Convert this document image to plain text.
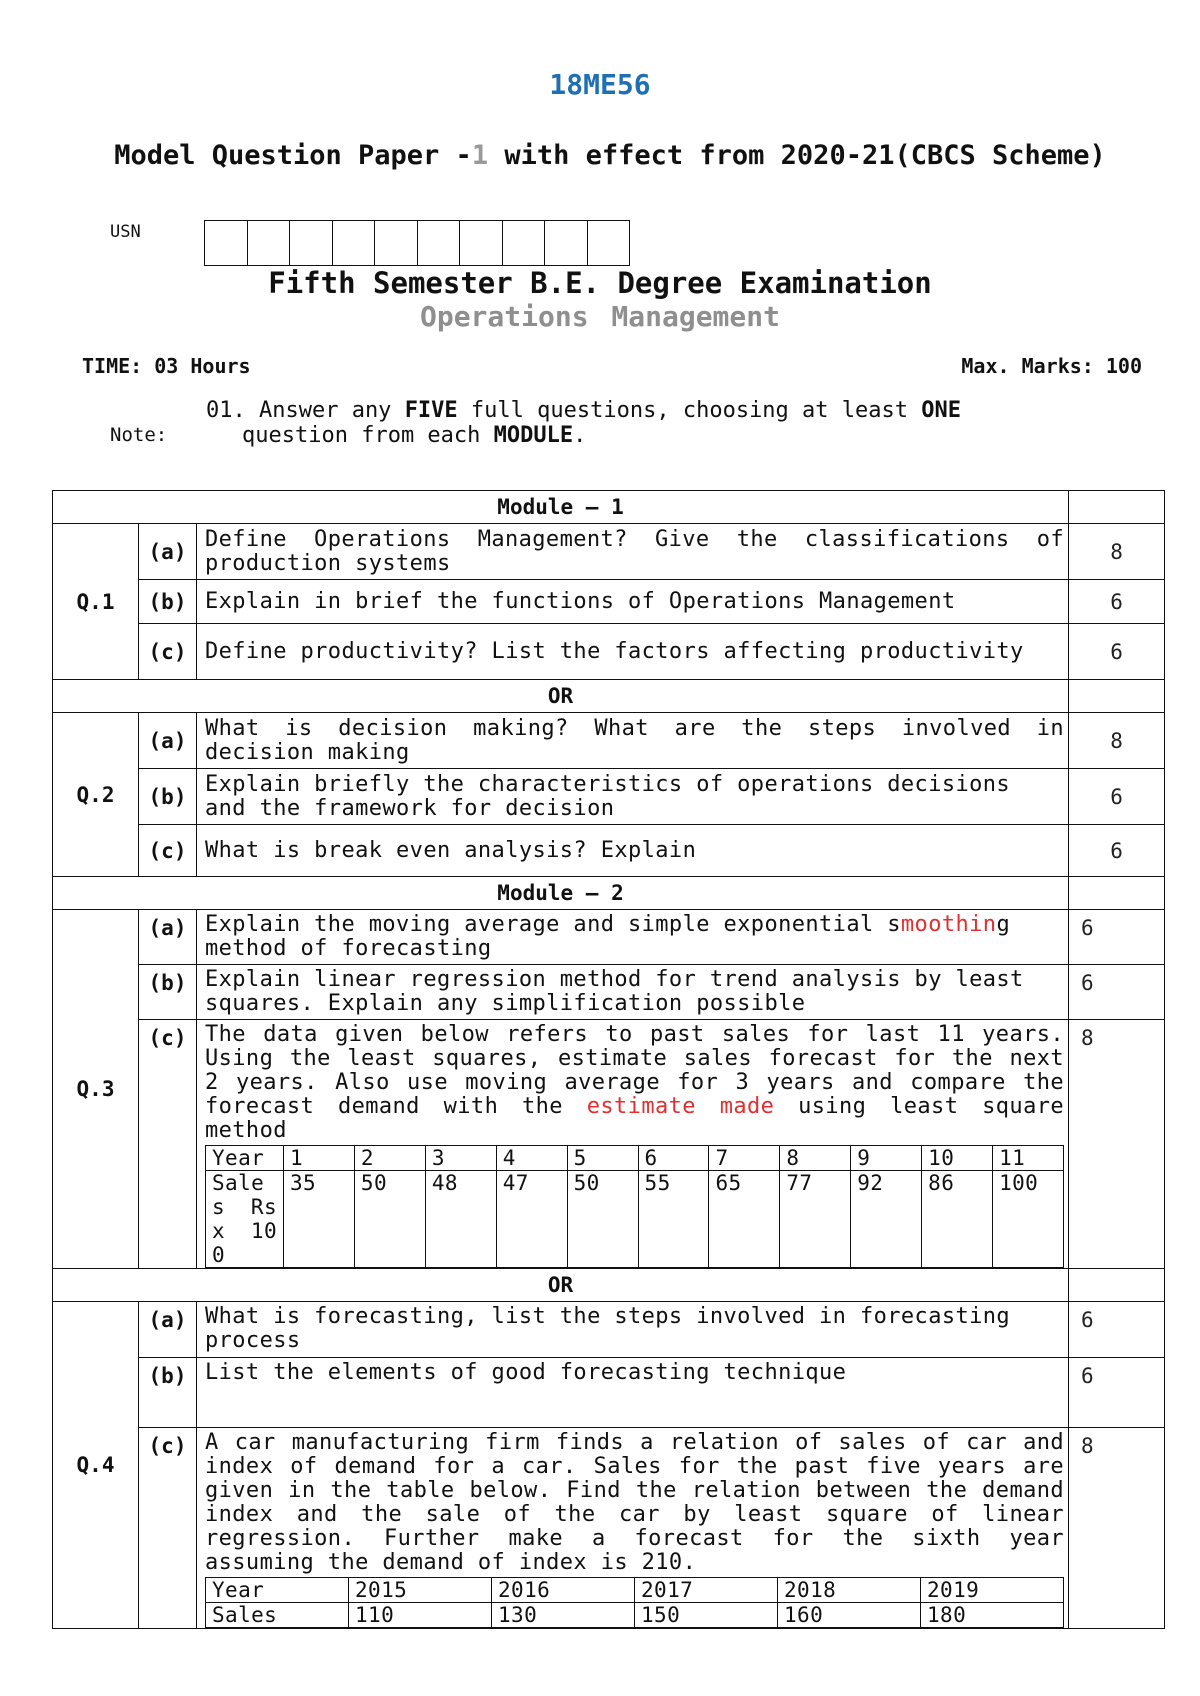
18ME56
Model Question Paper -1 with effect from 2020-21(CBCS Scheme)
USN
Fifth Semester B.E. Degree Examination
Operations Management
TIME: 03 Hours	Max. Marks: 100
Note:
01. Answer any FIVE full questions, choosing at least ONE
question from each MODULE.
Module – 1	
Q.1	(a)	Define Operations Management? Give the classifications of production systems	8
(b)	Explain in brief the functions of Operations Management	6
(c)	Define productivity? List the factors affecting productivity	6
OR	
Q.2	(a)	What is decision making? What are the steps involved in decision making	8
(b)	Explain briefly the characteristics of operations decisions and the framework for decision	6
(c)	What is break even analysis? Explain	6
Module – 2	
Q.3	(a)	Explain the moving average and simple exponential smoothing method of forecasting	6
(b)	Explain linear regression method for trend analysis by least squares. Explain any simplification possible	6
(c)	The data given below refers to past sales for last 11 years. Using the least squares, estimate sales forecast for the next 2 years. Also use moving average for 3 years and compare the forecast demand with the estimate made using least square method
Year	1	2	3	4	5	6	7	8	9	10	11
Sales Rs x 100	35	50	48	47	50	55	65	77	92	86	100
	8
OR	
Q.4	(a)	What is forecasting, list the steps involved in forecasting process	6
(b)	List the elements of good forecasting technique	6
(c)	A car manufacturing firm finds a relation of sales of car and index of demand for a car. Sales for the past five years are given in the table below. Find the relation between the demand index and the sale of the car by least square of linear regression. Further make a forecast for the sixth year assuming the demand of index is 210.
Year	2015	2016	2017	2018	2019
Sales	110	130	150	160	180
	8
